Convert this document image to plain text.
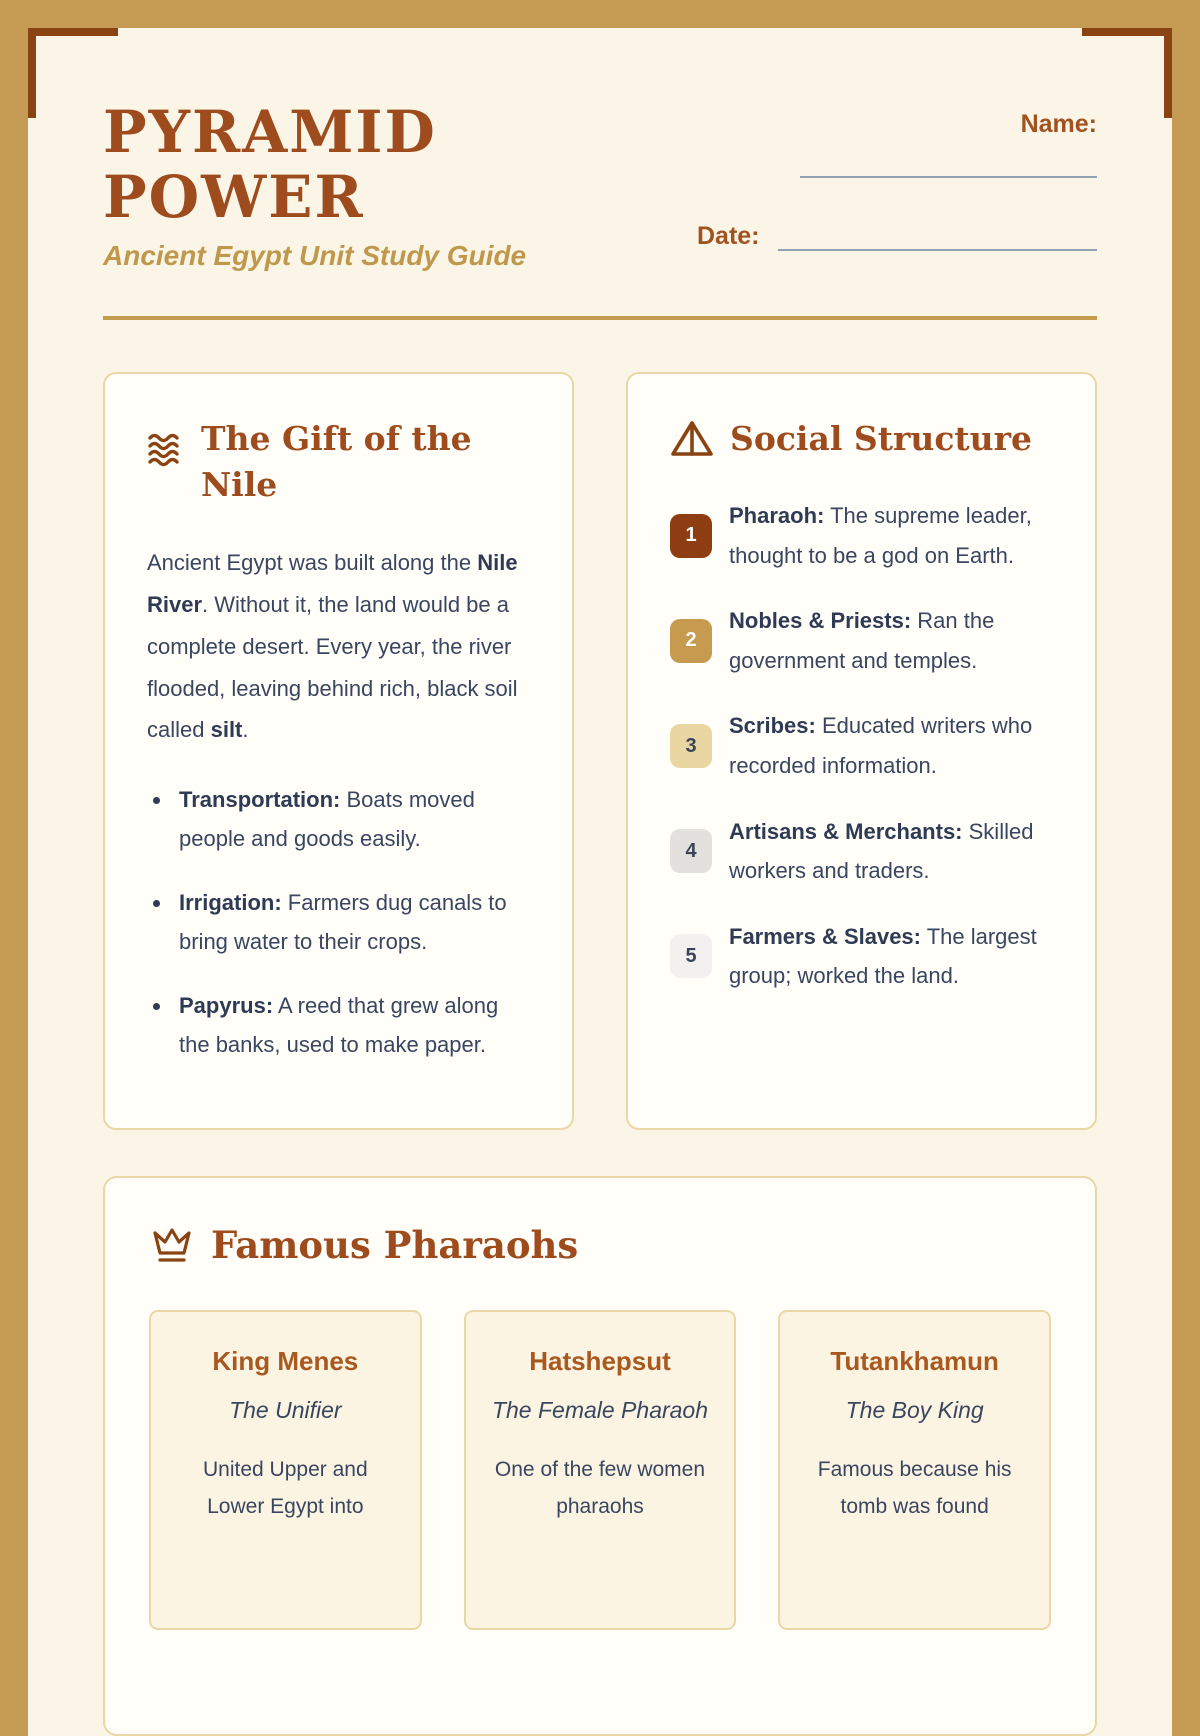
PYRAMID POWER

Ancient Egypt Unit Study Guide

Name:
Date:
The Gift of the Nile

Ancient Egypt was built along the Nile River. Without it, the land would be a complete desert. Every year, the river flooded, leaving behind rich, black soil called silt.

• Transportation: Boats moved people and goods easily.
• Irrigation: Farmers dug canals to bring water to their crops.
• Papyrus: A reed that grew along the banks, used to make paper.
Social Structure
1
Pharaoh: The supreme leader, thought to be a god on Earth.
2
Nobles & Priests: Ran the government and temples.
3
Scribes: Educated writers who recorded information.
4
Artisans & Merchants: Skilled workers and traders.
5
Farmers & Slaves: The largest group; worked the land.
Famous Pharaohs
King Menes

The Unifier

United Upper and Lower Egypt into

Hatshepsut

The Female Pharaoh

One of the few women pharaohs

Tutankhamun

The Boy King

Famous because his tomb was found
